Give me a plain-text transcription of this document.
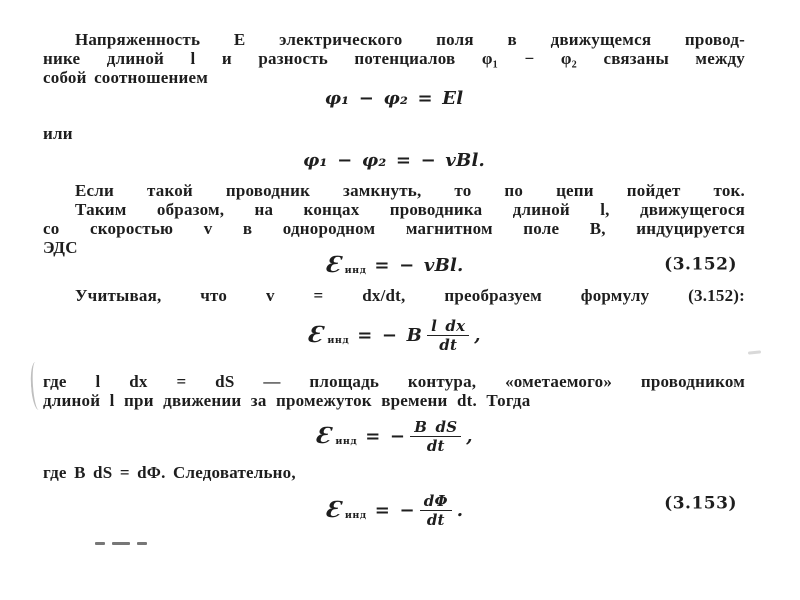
Напряженность Е электрического поля в движущемся провод-
нике длиной l и разность потенциалов φ₁ − φ₂ связаны между
собой соотношением
φ₁ − φ₂ = El
или
φ₁ − φ₂ = − vBl.
Если такой проводник замкнуть, то по цепи пойдет ток.
Таким образом, на концах проводника длиной l, движущегося
со скоростью v в однородном магнитном поле В, индуцируется
ЭДС
Ɛ инд = − vBl.	(3.152)
Учитывая, что v = dx/dt, преобразуем формулу (3.152):
Ɛ инд = − B $\frac{\text{l dx}}{dt}$ ,
где l dx = dS — площадь контура, «ометаемого» проводником
длиной l при движении за промежуток времени dt. Тогда
Ɛ инд = − $\frac{\text{B dS}}{dt}$ ,
где B dS = dΦ. Следовательно,
Ɛ инд = − $\frac{d\Phi}{dt}$ .	(3.153)
